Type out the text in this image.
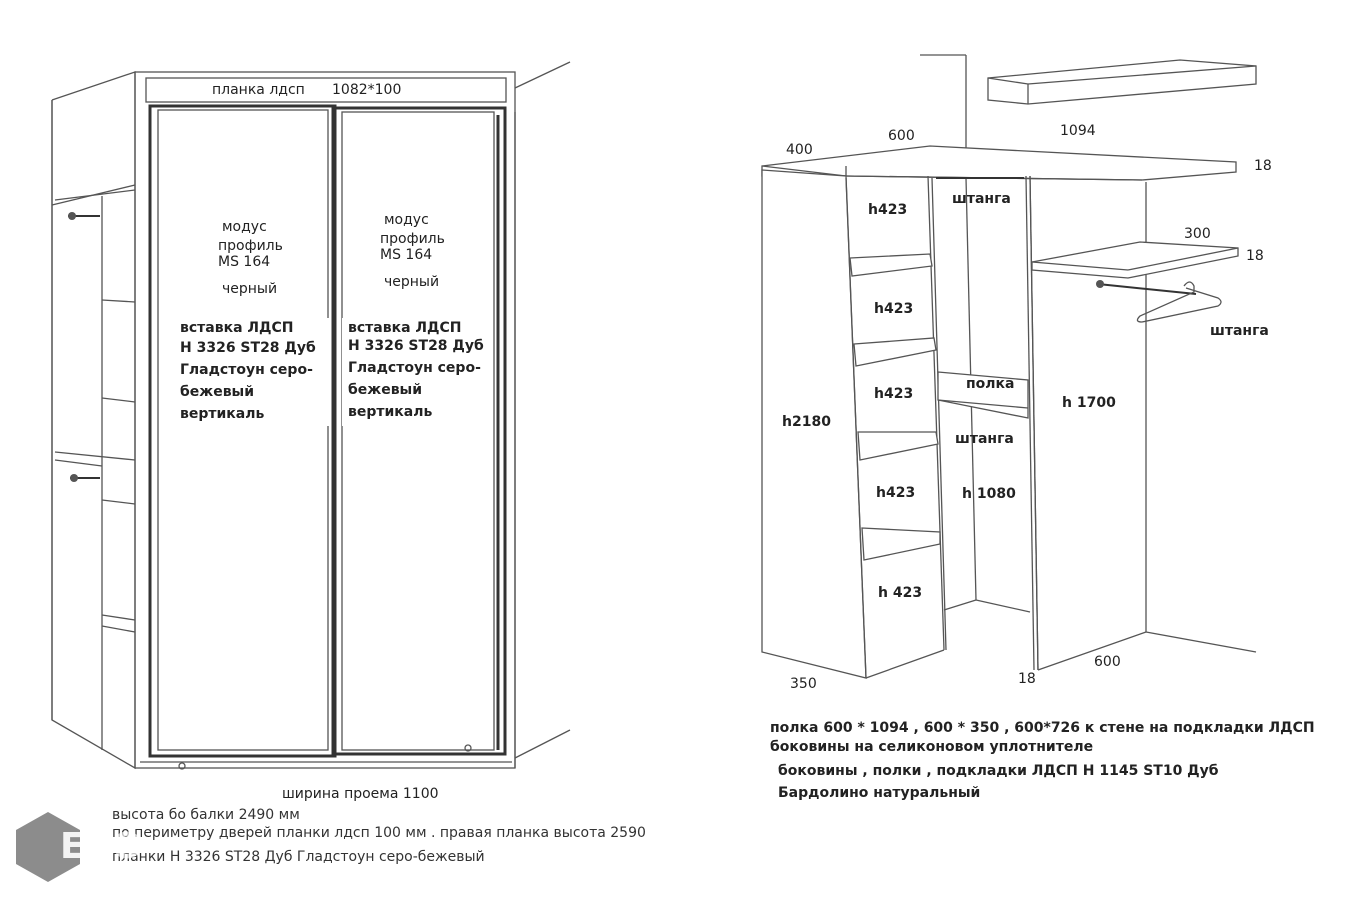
планка лдсп 1082*100
модус
профиль
MS 164
черный
вставка ЛДСП
H 3326 ST28 Дуб
Гладстоун серо-
бежевый
вертикаль
модус
профиль
MS 164
черный
вставка ЛДСП
H 3326 ST28 Дуб
Гладстоун серо-
бежевый
вертикаль
ширина проема 1100
высота бо балки 2490 мм
по периметру дверей планки лдсп 100 мм . правая планка высота 2590
планки H 3326 ST28 Дуб Гладстоун серо-бежевый
400
600	1094
18
300
18
350	18
600
h2180
h423
h423
h423
h423
h 423
штанга
полка
штанга
h 1080
h 1700
штанга
полка 600 * 1094 , 600 * 350 , 600*726 к стене на подкладки ЛДСП
боковины на селиконовом уплотнителе
боковины , полки , подкладки ЛДСП H 1145 ST10 Дуб
Бардолино натуральный
EVO
